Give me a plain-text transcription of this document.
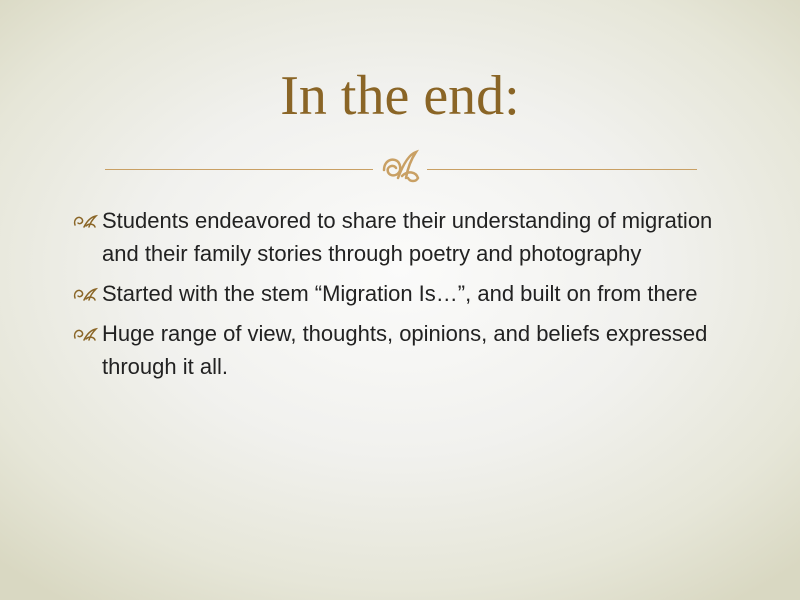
In the end:
Students endeavored to share their understanding of migration and their family stories through poetry and photography
Started with the stem “Migration Is…”, and built on from there
Huge range of view, thoughts, opinions, and beliefs expressed through it all.
